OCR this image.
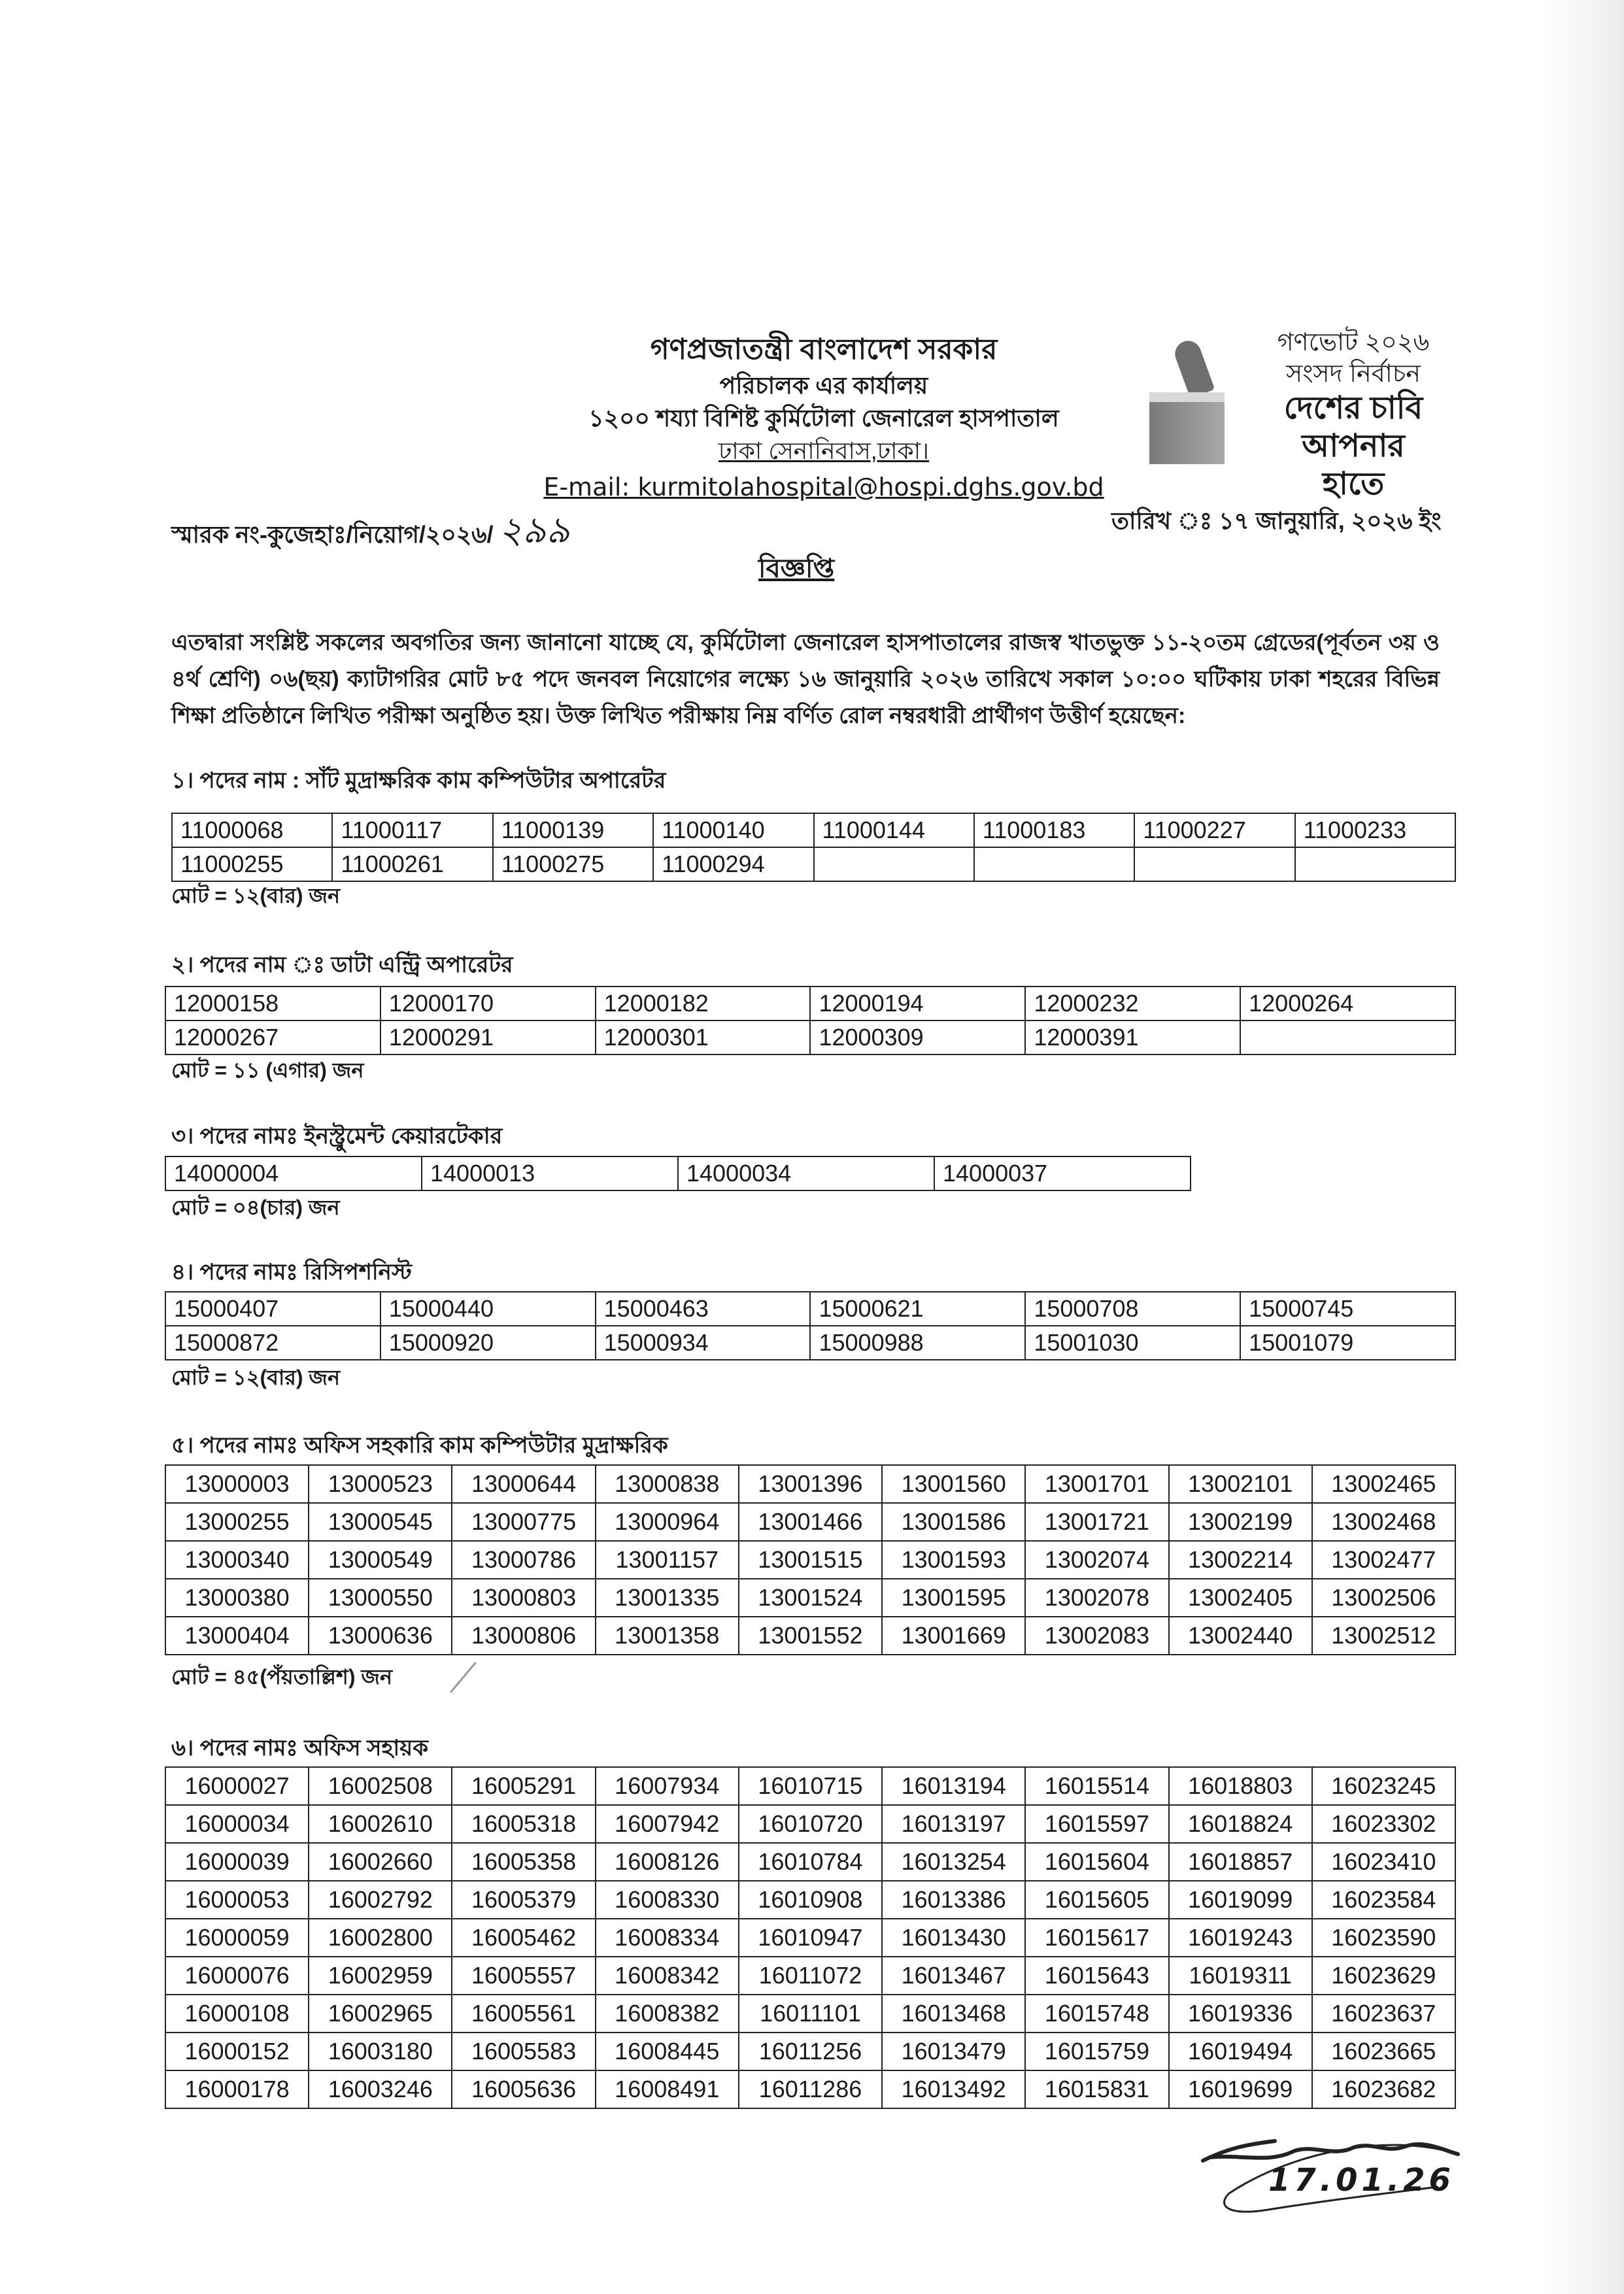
গণপ্রজাতন্ত্রী বাংলাদেশ সরকার
পরিচালক এর কার্যালয়
১২০০ শয্যা বিশিষ্ট কুর্মিটোলা জেনারেল হাসপাতাল
ঢাকা সেনানিবাস,ঢাকা।
E-mail: kurmitolahospital@hospi.dghs.gov.bd
গণভোট ২০২৬
সংসদ নির্বাচন
দেশের চাবি
আপনার হাতে
স্মারক নং-কুজেহাঃ/নিয়োগ/২০২৬/ ২৯৯	তারিখ ঃ ১৭ জানুয়ারি, ২০২৬ ইং
বিজ্ঞপ্তি
এতদ্বারা সংশ্লিষ্ট সকলের অবগতির জন্য জানানো যাচ্ছে যে, কুর্মিটোলা জেনারেল হাসপাতালের রাজস্ব খাতভুক্ত ১১-২০তম গ্রেডের(পূর্বতন ৩য় ও ৪র্থ শ্রেণি) ০৬(ছয়) ক্যাটাগরির মোট ৮৫ পদে জনবল নিয়োগের লক্ষ্যে ১৬ জানুয়ারি ২০২৬ তারিখে সকাল ১০:০০ ঘটিকায় ঢাকা শহরের বিভিন্ন শিক্ষা প্রতিষ্ঠানে লিখিত পরীক্ষা অনুষ্ঠিত হয়। উক্ত লিখিত পরীক্ষায় নিম্ন বর্ণিত রোল নম্বরধারী প্রার্থীগণ উত্তীর্ণ হয়েছেন:
১। পদের নাম : সাঁট মুদ্রাক্ষরিক কাম কম্পিউটার অপারেটর
11000068	11000117	11000139	11000140	11000144	11000183	11000227	11000233
11000255	11000261	11000275	11000294				
মোট = ১২(বার) জন
২। পদের নাম ঃ ডাটা এন্ট্রি অপারেটর
12000158	12000170	12000182	12000194	12000232	12000264
12000267	12000291	12000301	12000309	12000391	
মোট = ১১ (এগার) জন
৩। পদের নামঃ ইনস্ট্রুমেন্ট কেয়ারটেকার
14000004	14000013	14000034	14000037
মোট = ০৪(চার) জন
৪। পদের নামঃ রিসিপশনিস্ট
15000407	15000440	15000463	15000621	15000708	15000745
15000872	15000920	15000934	15000988	15001030	15001079
মোট = ১২(বার) জন
৫। পদের নামঃ অফিস সহকারি কাম কম্পিউটার মুদ্রাক্ষরিক
13000003	13000523	13000644	13000838	13001396	13001560	13001701	13002101	13002465
13000255	13000545	13000775	13000964	13001466	13001586	13001721	13002199	13002468
13000340	13000549	13000786	13001157	13001515	13001593	13002074	13002214	13002477
13000380	13000550	13000803	13001335	13001524	13001595	13002078	13002405	13002506
13000404	13000636	13000806	13001358	13001552	13001669	13002083	13002440	13002512
মোট = ৪৫(পঁয়তাল্লিশ) জন
৬। পদের নামঃ অফিস সহায়ক
16000027	16002508	16005291	16007934	16010715	16013194	16015514	16018803	16023245
16000034	16002610	16005318	16007942	16010720	16013197	16015597	16018824	16023302
16000039	16002660	16005358	16008126	16010784	16013254	16015604	16018857	16023410
16000053	16002792	16005379	16008330	16010908	16013386	16015605	16019099	16023584
16000059	16002800	16005462	16008334	16010947	16013430	16015617	16019243	16023590
16000076	16002959	16005557	16008342	16011072	16013467	16015643	16019311	16023629
16000108	16002965	16005561	16008382	16011101	16013468	16015748	16019336	16023637
16000152	16003180	16005583	16008445	16011256	16013479	16015759	16019494	16023665
16000178	16003246	16005636	16008491	16011286	16013492	16015831	16019699	16023682
17.01.26
